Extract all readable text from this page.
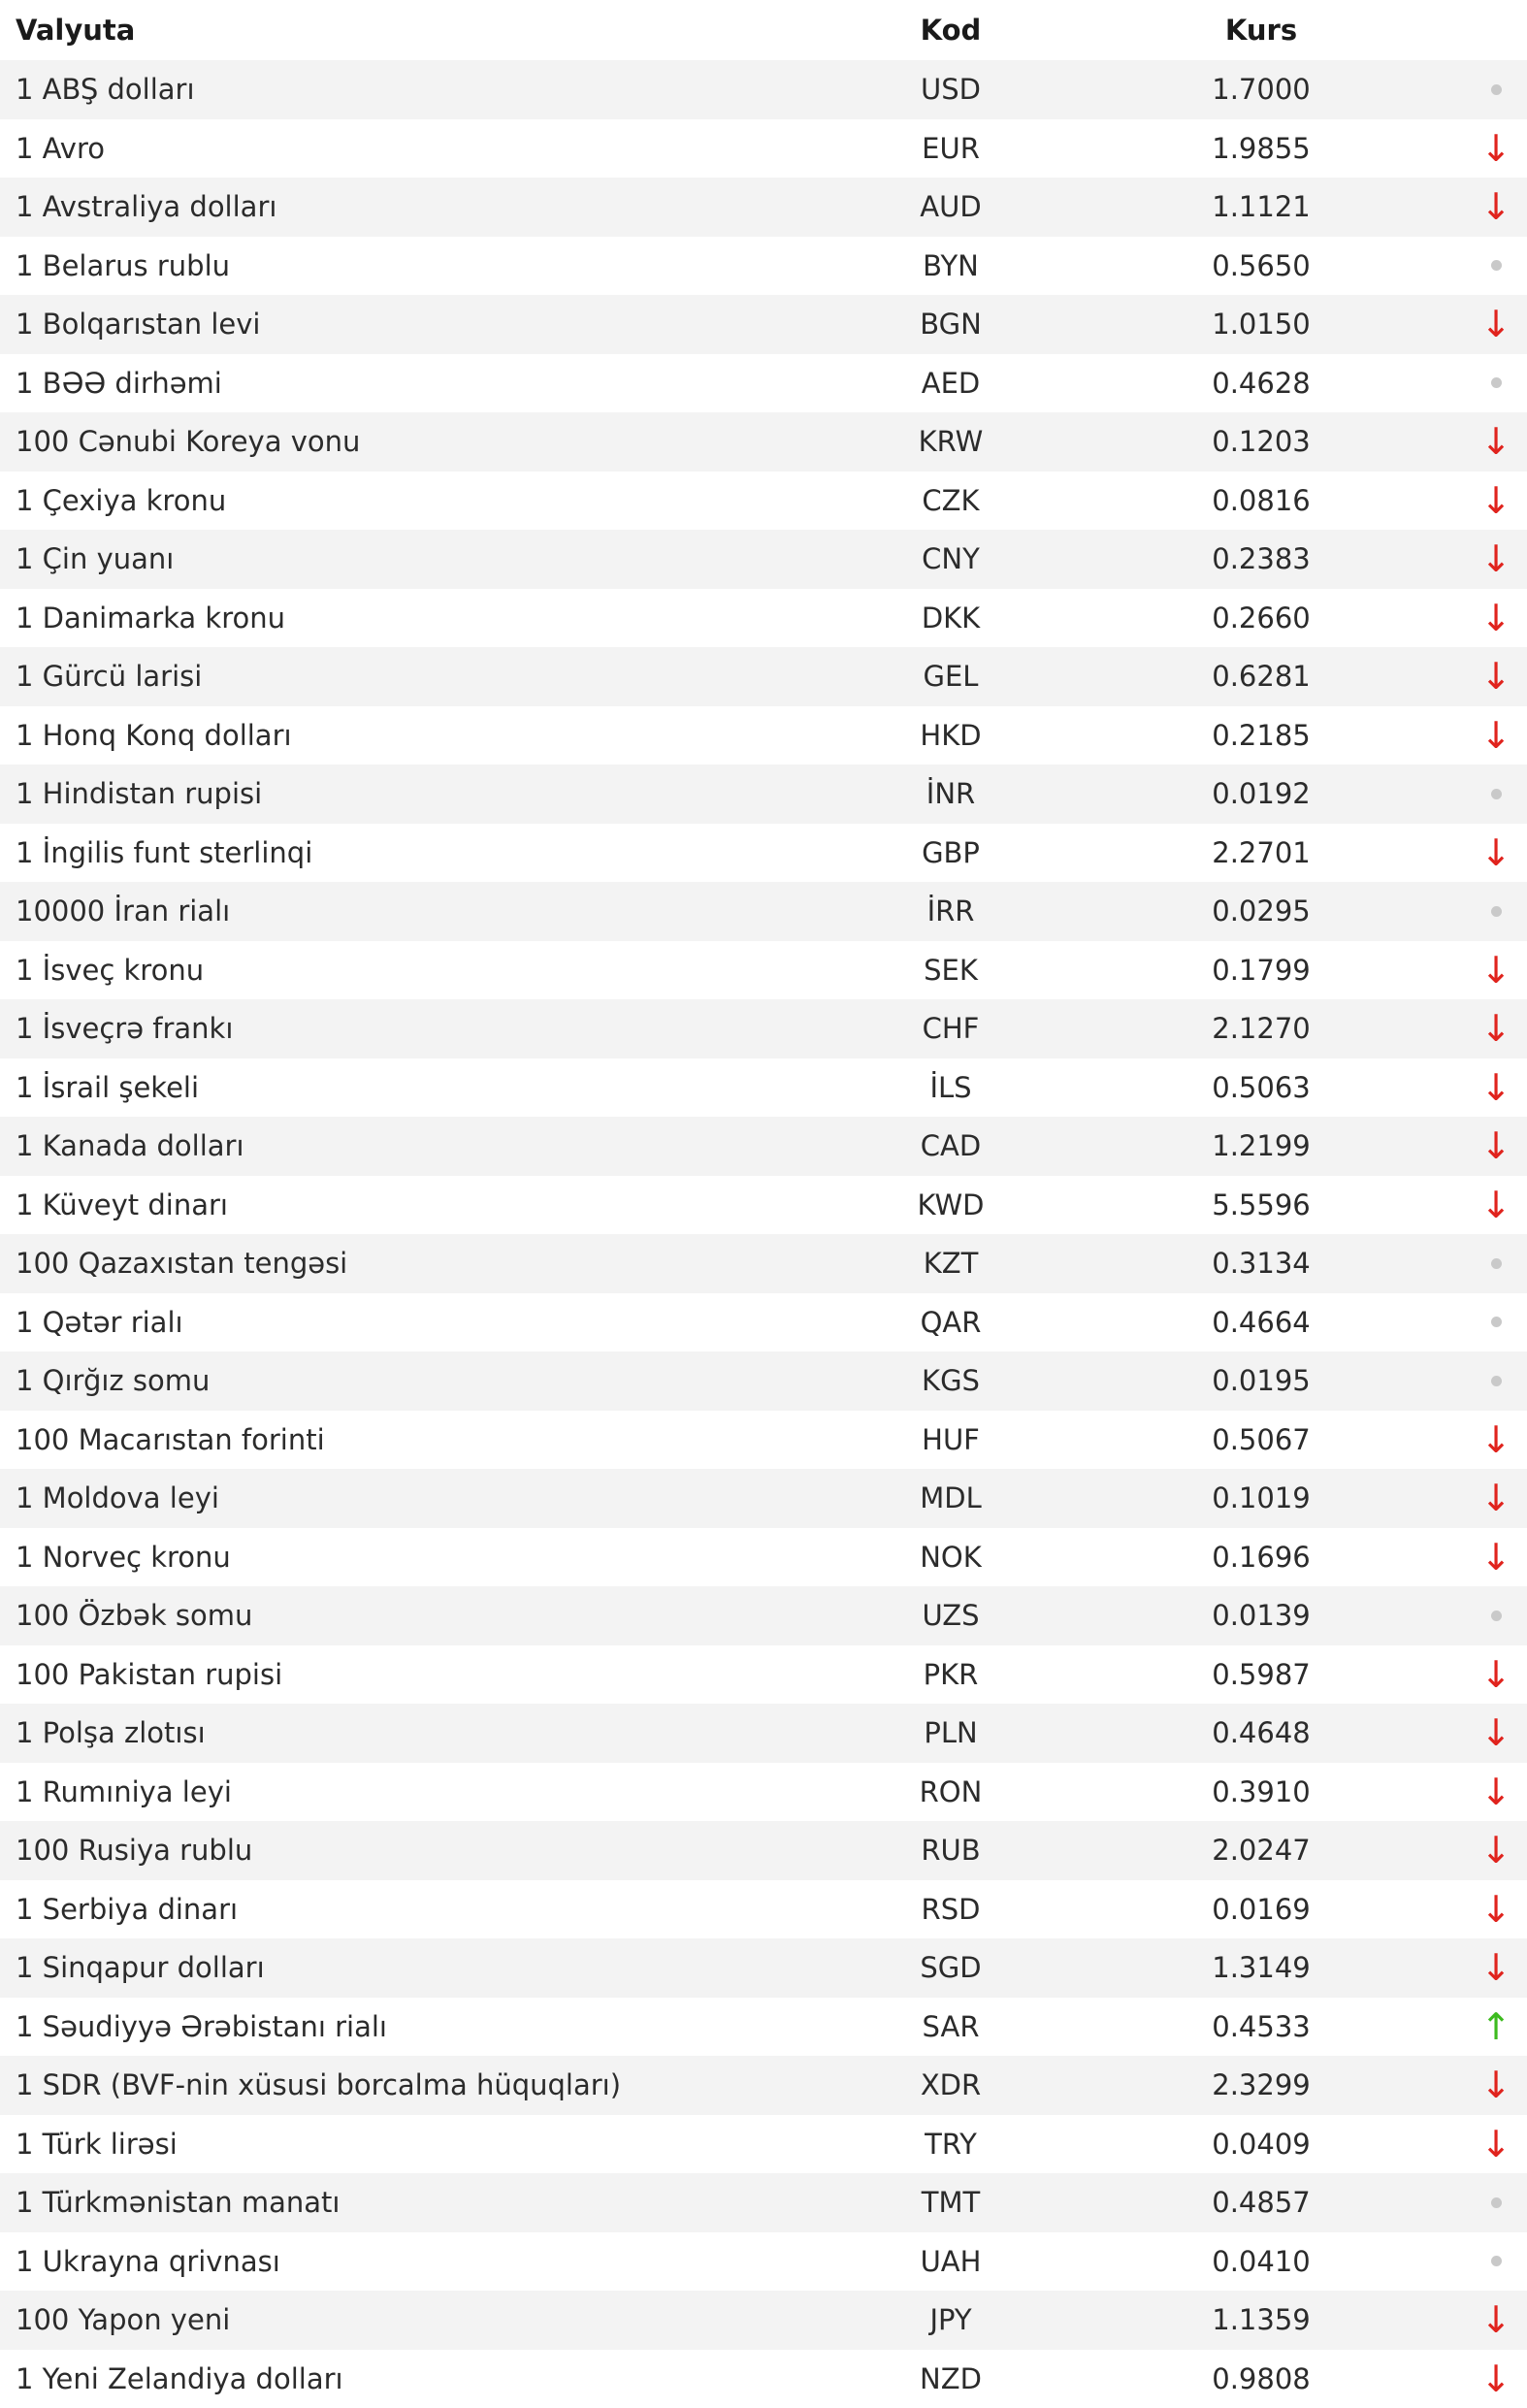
Valyuta	Kod	Kurs
1 ABŞ dolları	USD	1.7000
1 Avro	EUR	1.9855	↓
1 Avstraliya dolları	AUD	1.1121	↓
1 Belarus rublu	BYN	0.5650
1 Bolqarıstan levi	BGN	1.0150	↓
1 BƏƏ dirhəmi	AED	0.4628
100 Cənubi Koreya vonu	KRW	0.1203	↓
1 Çexiya kronu	CZK	0.0816	↓
1 Çin yuanı	CNY	0.2383	↓
1 Danimarka kronu	DKK	0.2660	↓
1 Gürcü larisi	GEL	0.6281	↓
1 Honq Konq dolları	HKD	0.2185	↓
1 Hindistan rupisi	İNR	0.0192
1 İngilis funt sterlinqi	GBP	2.2701	↓
10000 İran rialı	İRR	0.0295
1 İsveç kronu	SEK	0.1799	↓
1 İsveçrə frankı	CHF	2.1270	↓
1 İsrail şekeli	İLS	0.5063	↓
1 Kanada dolları	CAD	1.2199	↓
1 Küveyt dinarı	KWD	5.5596	↓
100 Qazaxıstan tengəsi	KZT	0.3134
1 Qətər rialı	QAR	0.4664
1 Qırğız somu	KGS	0.0195
100 Macarıstan forinti	HUF	0.5067	↓
1 Moldova leyi	MDL	0.1019	↓
1 Norveç kronu	NOK	0.1696	↓
100 Özbək somu	UZS	0.0139
100 Pakistan rupisi	PKR	0.5987	↓
1 Polşa zlotısı	PLN	0.4648	↓
1 Rumıniya leyi	RON	0.3910	↓
100 Rusiya rublu	RUB	2.0247	↓
1 Serbiya dinarı	RSD	0.0169	↓
1 Sinqapur dolları	SGD	1.3149	↓
1 Səudiyyə Ərəbistanı rialı	SAR	0.4533	↑
1 SDR (BVF-nin xüsusi borcalma hüquqları)	XDR	2.3299	↓
1 Türk lirəsi	TRY	0.0409	↓
1 Türkmənistan manatı	TMT	0.4857
1 Ukrayna qrivnası	UAH	0.0410
100 Yapon yeni	JPY	1.1359	↓
1 Yeni Zelandiya dolları	NZD	0.9808	↓
